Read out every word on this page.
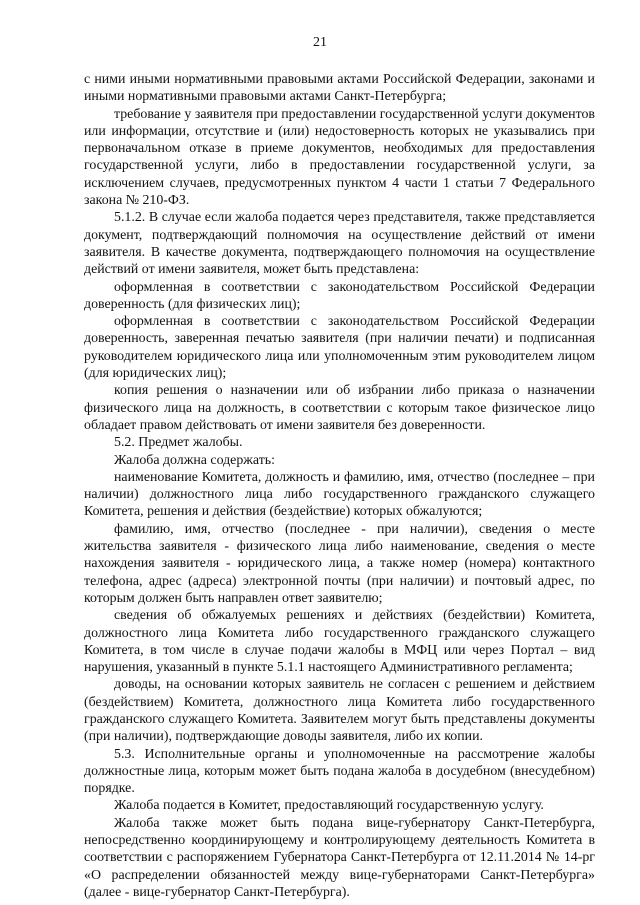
21

с ними иными нормативными правовыми актами Российской Федерации, законами и иными нормативными правовыми актами Санкт-Петербурга;

требование у заявителя при предоставлении государственной услуги документов или информации, отсутствие и (или) недостоверность которых не указывались при первоначальном отказе в приеме документов, необходимых для предоставления государственной услуги, либо в предоставлении государственной услуги, за исключением случаев, предусмотренных пунктом 4 части 1 статьи 7 Федерального закона № 210-ФЗ.

5.1.2. В случае если жалоба подается через представителя, также представляется документ, подтверждающий полномочия на осуществление действий от имени заявителя. В качестве документа, подтверждающего полномочия на осуществление действий от имени заявителя, может быть представлена:

оформленная в соответствии с законодательством Российской Федерации доверенность (для физических лиц);

оформленная в соответствии с законодательством Российской Федерации доверенность, заверенная печатью заявителя (при наличии печати) и подписанная руководителем юридического лица или уполномоченным этим руководителем лицом (для юридических лиц);

копия решения о назначении или об избрании либо приказа о назначении физического лица на должность, в соответствии с которым такое физическое лицо обладает правом действовать от имени заявителя без доверенности.

5.2. Предмет жалобы.

Жалоба должна содержать:

наименование Комитета, должность и фамилию, имя, отчество (последнее – при наличии) должностного лица либо государственного гражданского служащего Комитета, решения и действия (бездействие) которых обжалуются;

фамилию, имя, отчество (последнее - при наличии), сведения о месте жительства заявителя - физического лица либо наименование, сведения о месте нахождения заявителя - юридического лица, а также номер (номера) контактного телефона, адрес (адреса) электронной почты (при наличии) и почтовый адрес, по которым должен быть направлен ответ заявителю;

сведения об обжалуемых решениях и действиях (бездействии) Комитета, должностного лица Комитета либо государственного гражданского служащего Комитета, в том числе в случае подачи жалобы в МФЦ или через Портал – вид нарушения, указанный в пункте 5.1.1 настоящего Административного регламента;

доводы, на основании которых заявитель не согласен с решением и действием (бездействием) Комитета, должностного лица Комитета либо государственного гражданского служащего Комитета. Заявителем могут быть представлены документы (при наличии), подтверждающие доводы заявителя, либо их копии.

5.3. Исполнительные органы и уполномоченные на рассмотрение жалобы должностные лица, которым может быть подана жалоба в досудебном (внесудебном) порядке.

Жалоба подается в Комитет, предоставляющий государственную услугу.

Жалоба также может быть подана вице-губернатору Санкт-Петербурга, непосредственно координирующему и контролирующему деятельность Комитета в соответствии с распоряжением Губернатора Санкт-Петербурга от 12.11.2014 № 14-рг «О распределении обязанностей между вице-губернаторами Санкт-Петербурга» (далее - вице-губернатор Санкт-Петербурга).
